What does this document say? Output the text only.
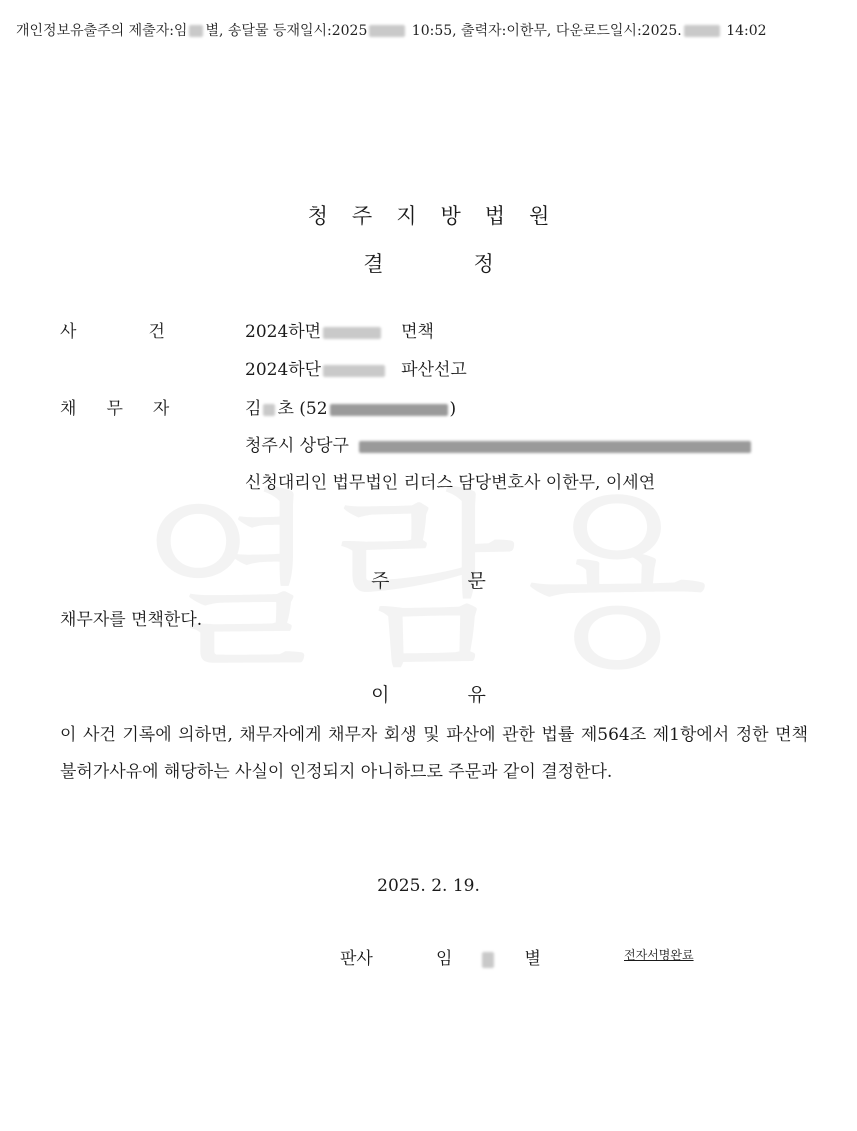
개인정보유출주의 제출자:임 별, 송달물 등재일시:2025	10:55, 출력자:이한무, 다운로드일시:2025.	14:02
청주지방법원
결	정
사	건	2024하면	면책
2024하단	파산선고
채 무 자	김 초 (52	)
청주시 상당구
신청대리인 법무법인 리더스 담당변호사 이한무, 이세연
주	문
채무자를 면책한다.
이	유
이 사건 기록에 의하면, 채무자에게 채무자 회생 및 파산에 관한 법률 제564조 제1항에서 정한 면책불허가사유에 해당하는 사실이 인정되지 아니하므로 주문과 같이 결정한다.
2025. 2. 19.
판사	임	별	전자서명완료
